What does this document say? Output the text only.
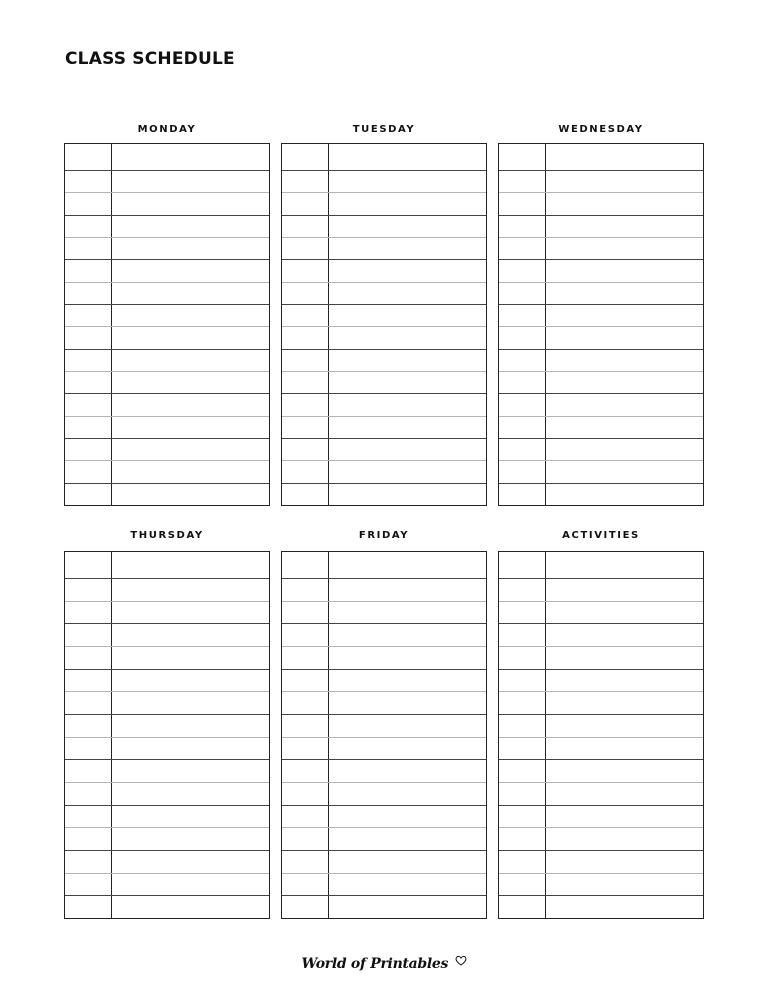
CLASS SCHEDULE
MONDAY	TUESDAY	WEDNESDAY
THURSDAY	FRIDAY	ACTIVITIES
World of Printables
